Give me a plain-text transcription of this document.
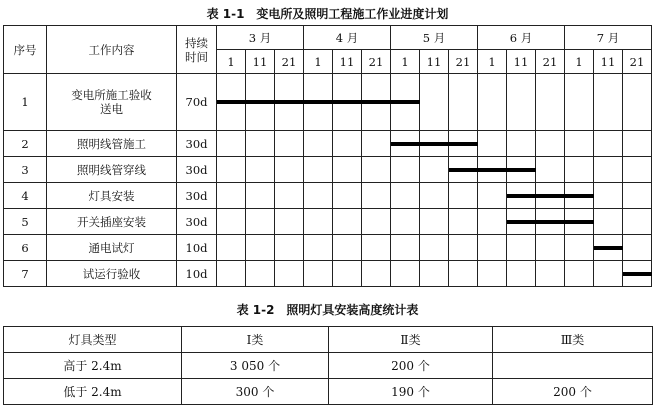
表 1-1　变电所及照明工程施工作业进度计划
序号	工作内容	持续时间	3 月			4 月			5 月			6 月			7 月		
			1	11	21	1	11	21	1	11	21	1	11	21	1	11	21
1	变电所施工验收送电	70d															
2	照明线管施工	30d															
3	照明线管穿线	30d															
4	灯具安装	30d															
5	开关插座安装	30d															
6	通电试灯	10d															
7	试运行验收	10d															
表 1-2　照明灯具安装高度统计表
灯具类型	Ⅰ类	Ⅱ类	Ⅲ类
高于 2.4m	3 050 个	200 个	
低于 2.4m	300 个	190 个	200 个
